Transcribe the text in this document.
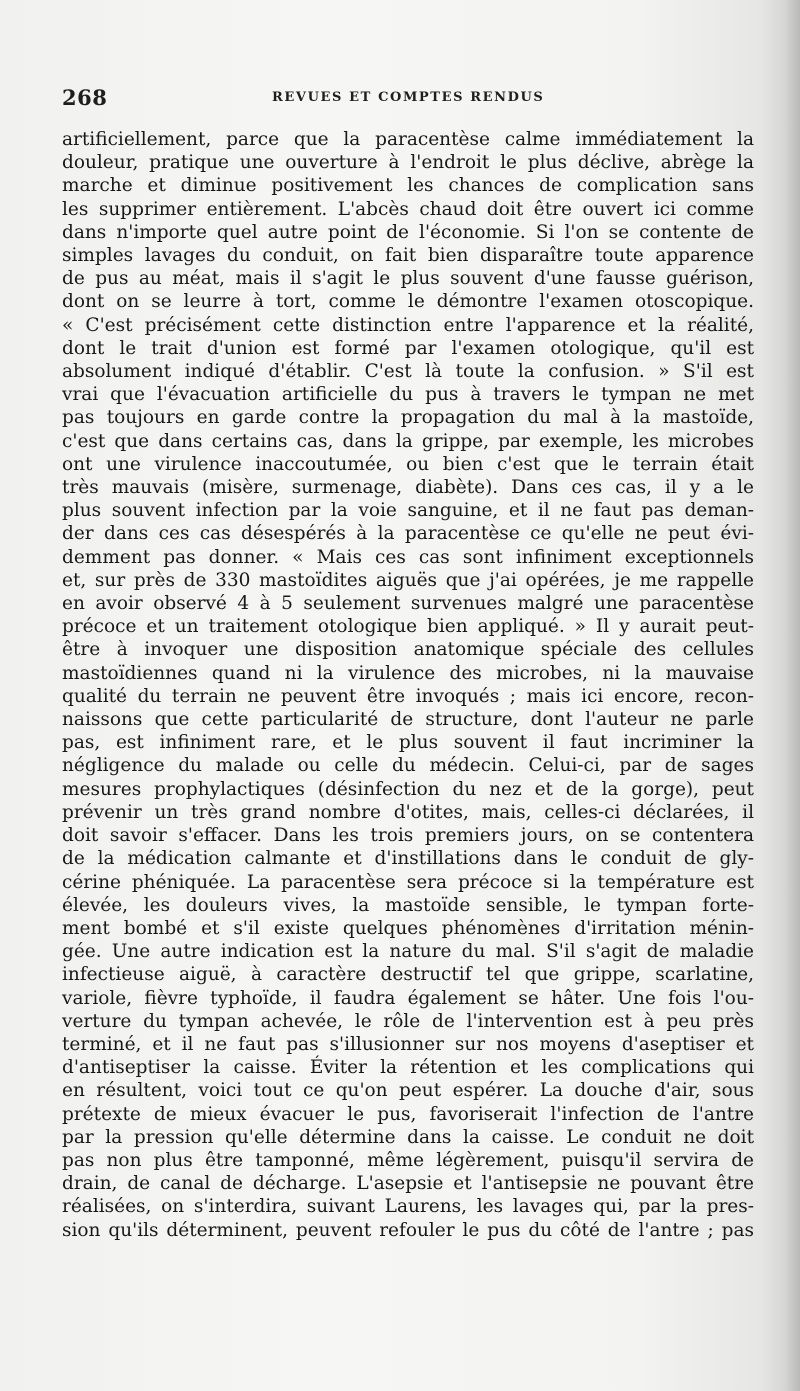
268	REVUES ET COMPTES RENDUS
artificiellement, parce que la paracentèse calme immédiatement la
douleur, pratique une ouverture à l'endroit le plus déclive, abrège la
marche et diminue positivement les chances de complication sans
les supprimer entièrement. L'abcès chaud doit être ouvert ici comme
dans n'importe quel autre point de l'économie. Si l'on se contente de
simples lavages du conduit, on fait bien disparaître toute apparence
de pus au méat, mais il s'agit le plus souvent d'une fausse guérison,
dont on se leurre à tort, comme le démontre l'examen otoscopique.
« C'est précisément cette distinction entre l'apparence et la réalité,
dont le trait d'union est formé par l'examen otologique, qu'il est
absolument indiqué d'établir. C'est là toute la confusion. » S'il est
vrai que l'évacuation artificielle du pus à travers le tympan ne met
pas toujours en garde contre la propagation du mal à la mastoïde,
c'est que dans certains cas, dans la grippe, par exemple, les microbes
ont une virulence inaccoutumée, ou bien c'est que le terrain était
très mauvais (misère, surmenage, diabète). Dans ces cas, il y a le
plus souvent infection par la voie sanguine, et il ne faut pas deman-
der dans ces cas désespérés à la paracentèse ce qu'elle ne peut évi-
demment pas donner. « Mais ces cas sont infiniment exceptionnels
et, sur près de 330 mastoïdites aiguës que j'ai opérées, je me rappelle
en avoir observé 4 à 5 seulement survenues malgré une paracentèse
précoce et un traitement otologique bien appliqué. » Il y aurait peut-
être à invoquer une disposition anatomique spéciale des cellules
mastoïdiennes quand ni la virulence des microbes, ni la mauvaise
qualité du terrain ne peuvent être invoqués ; mais ici encore, recon-
naissons que cette particularité de structure, dont l'auteur ne parle
pas, est infiniment rare, et le plus souvent il faut incriminer la
négligence du malade ou celle du médecin. Celui-ci, par de sages
mesures prophylactiques (désinfection du nez et de la gorge), peut
prévenir un très grand nombre d'otites, mais, celles-ci déclarées, il
doit savoir s'effacer. Dans les trois premiers jours, on se contentera
de la médication calmante et d'instillations dans le conduit de gly-
cérine phéniquée. La paracentèse sera précoce si la température est
élevée, les douleurs vives, la mastoïde sensible, le tympan forte-
ment bombé et s'il existe quelques phénomènes d'irritation ménin-
gée. Une autre indication est la nature du mal. S'il s'agit de maladie
infectieuse aiguë, à caractère destructif tel que grippe, scarlatine,
variole, fièvre typhoïde, il faudra également se hâter. Une fois l'ou-
verture du tympan achevée, le rôle de l'intervention est à peu près
terminé, et il ne faut pas s'illusionner sur nos moyens d'aseptiser et
d'antiseptiser la caisse. Éviter la rétention et les complications qui
en résultent, voici tout ce qu'on peut espérer. La douche d'air, sous
prétexte de mieux évacuer le pus, favoriserait l'infection de l'antre
par la pression qu'elle détermine dans la caisse. Le conduit ne doit
pas non plus être tamponné, même légèrement, puisqu'il servira de
drain, de canal de décharge. L'asepsie et l'antisepsie ne pouvant être
réalisées, on s'interdira, suivant Laurens, les lavages qui, par la pres-
sion qu'ils déterminent, peuvent refouler le pus du côté de l'antre ; pas
